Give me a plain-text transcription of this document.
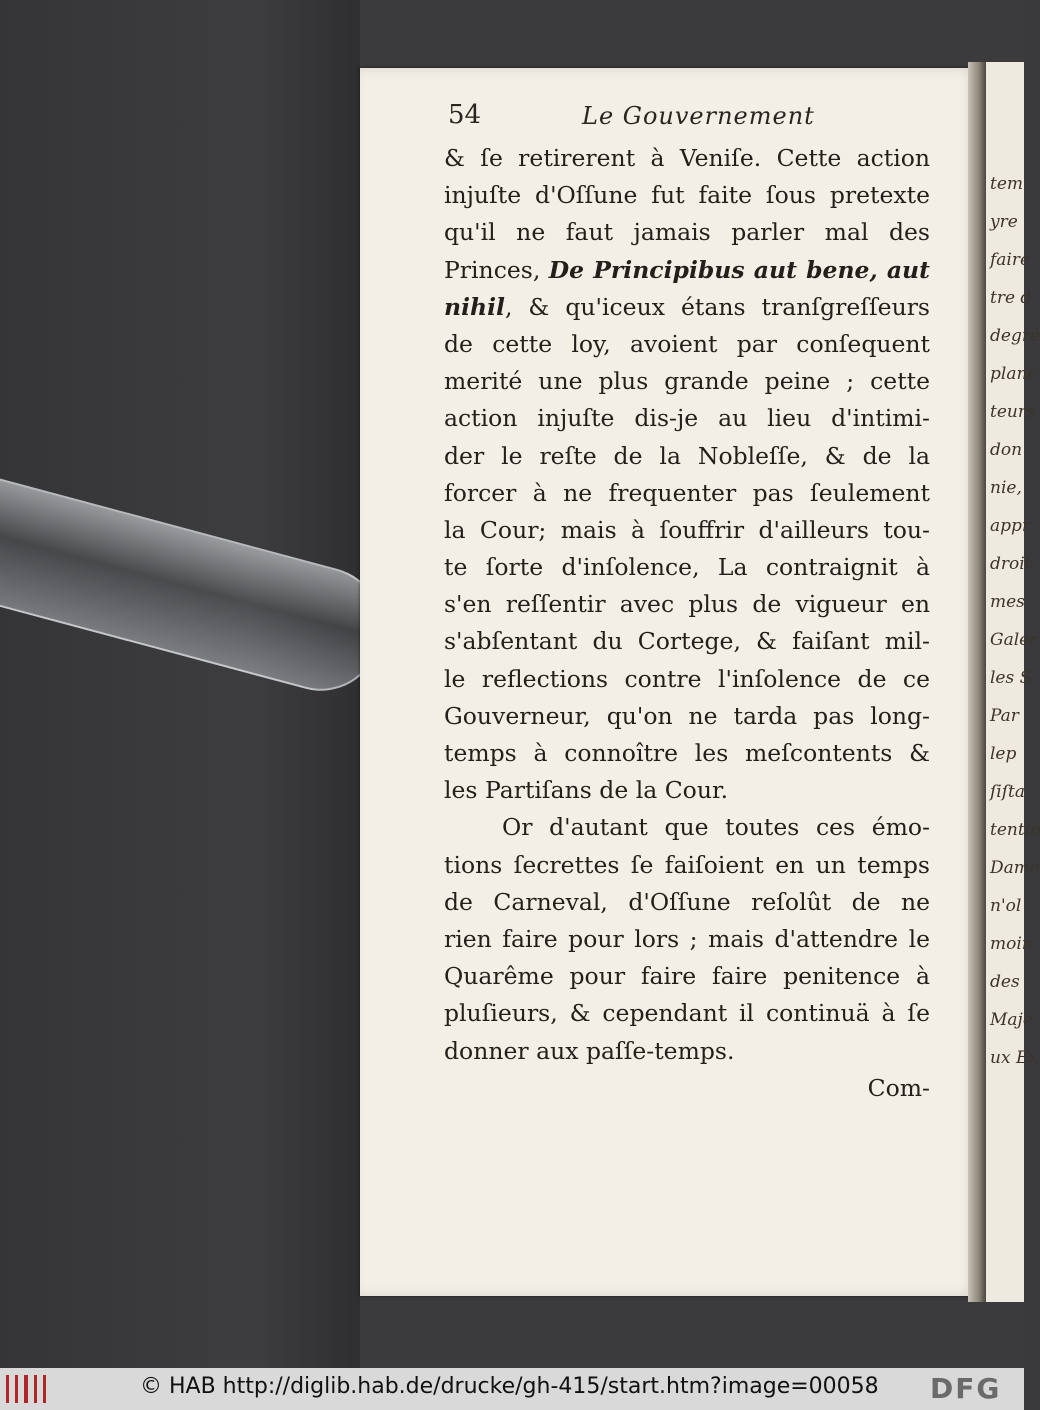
tem
yre
faire
tre d
degré
planc
teurs
don
nie,
appr
droit
mes
Galer
les S
Par
lep
ſiſta
tentio
Dame
n'ol
moin
des
Maje
ux Ex
54	Le Gouvernement
& ſe retirerent à Veniſe. Cette action
injuſte d'Oſſune fut faite ſous pretexte
qu'il ne faut jamais parler mal des
Princes, De Principibus aut bene, aut
nihil, & qu'iceux étans tranſgreſſeurs
de cette loy, avoient par conſequent
merité une plus grande peine ; cette
action injuſte dis-je au lieu d'intimi-
der le reſte de la Nobleſſe, & de la
forcer à ne frequenter pas ſeulement
la Cour; mais à ſouffrir d'ailleurs tou-
te ſorte d'inſolence, La contraignit à
s'en reſſentir avec plus de vigueur en
s'abſentant du Cortege, & faiſant mil-
le reflections contre l'inſolence de ce
Gouverneur, qu'on ne tarda pas long-
temps à connoître les meſcontents &
les Partiſans de la Cour.
Or d'autant que toutes ces émo-
tions ſecrettes ſe faiſoient en un temps
de Carneval, d'Oſſune reſolût de ne
rien faire pour lors ; mais d'attendre le
Quarême pour faire faire penitence à
pluſieurs, & cependant il continuä à ſe
donner aux paſſe-temps.
Com-
© HAB http://diglib.hab.de/drucke/gh-415/start.htm?image=00058 DFG
